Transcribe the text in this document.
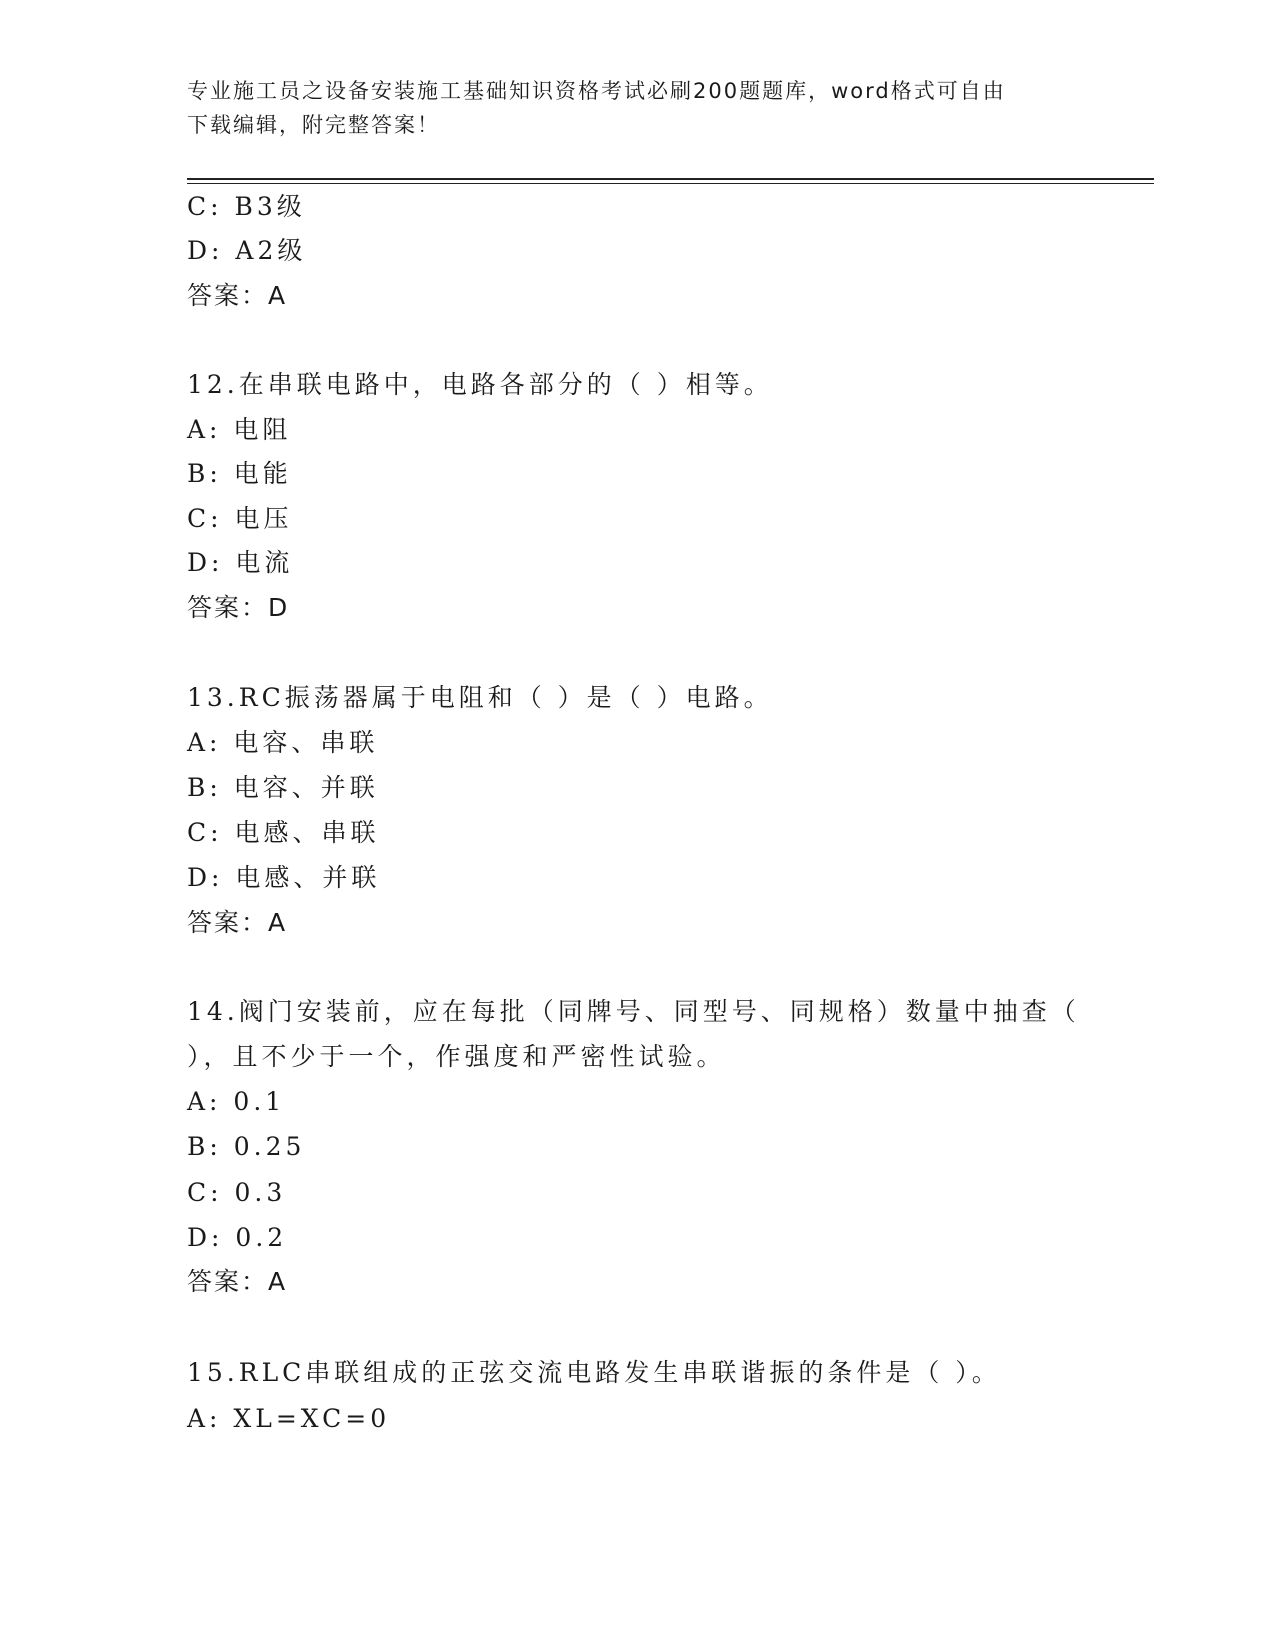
专业施工员之设备安装施工基础知识资格考试必刷200题题库，word格式可自由
下载编辑，附完整答案！
C: B3级
D: A2级
答案：A
12.在串联电路中，电路各部分的（ ）相等。
A: 电阻
B: 电能
C: 电压
D: 电流
答案：D
13.RC振荡器属于电阻和（ ）是（ ）电路。
A: 电容、串联
B: 电容、并联
C: 电感、串联
D: 电感、并联
答案：A
14.阀门安装前，应在每批（同牌号、同型号、同规格）数量中抽查（
），且不少于一个，作强度和严密性试验。
A: 0.1
B: 0.25
C: 0.3
D: 0.2
答案：A
15.RLC串联组成的正弦交流电路发生串联谐振的条件是（ ）。
A: XL=XC=0
